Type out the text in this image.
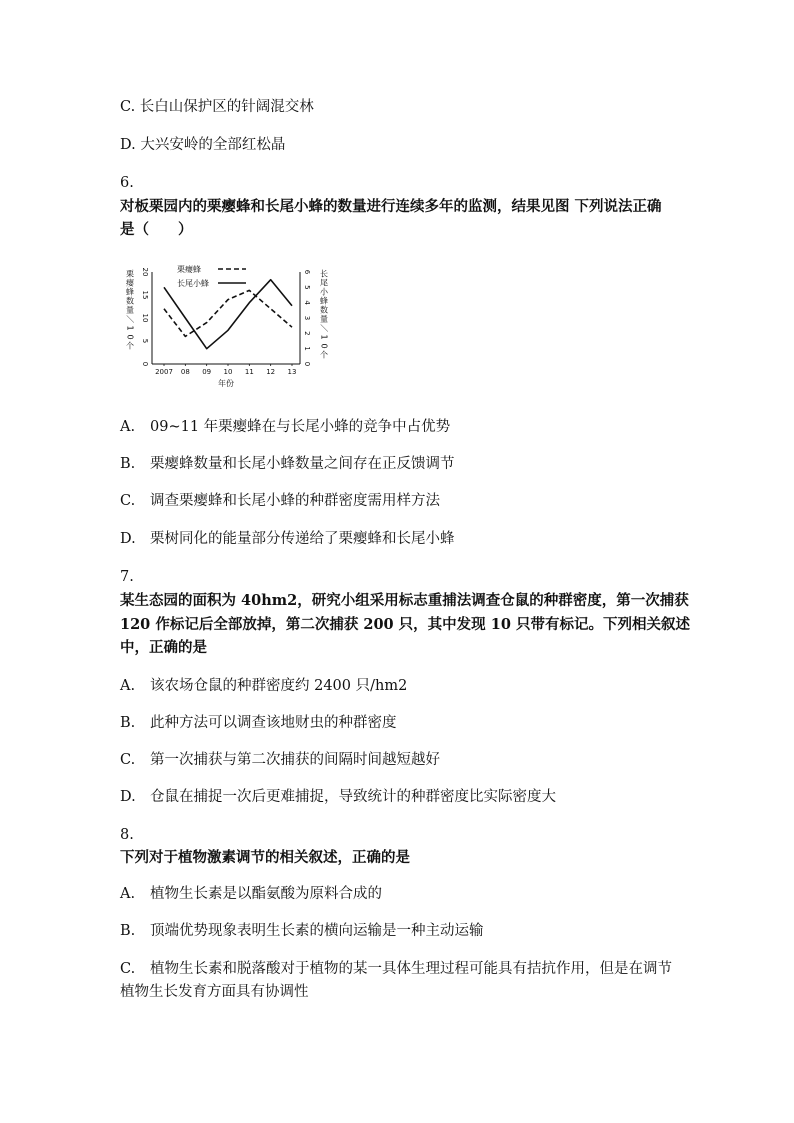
C. 长白山保护区的针阔混交林
D. 大兴安岭的全部红松晶
6.
对板栗园内的栗瘿蜂和长尾小蜂的数量进行连续多年的监测，结果见图 下列说法正确
是（　　）
栗瘿蜂
长尾小蜂
栗
瘿
蜂
数
量
／
1
0
个
长
尾
小
蜂
数
量
／
1
0
个
2007 08 09 10 11 12 13
0
5
10
15
20
0
1
2
3
4
5
6
年份
A. 09~11 年栗瘿蜂在与长尾小蜂的竞争中占优势
B. 栗瘿蜂数量和长尾小蜂数量之间存在正反馈调节
C. 调查栗瘿蜂和长尾小蜂的种群密度需用样方法
D. 栗树同化的能量部分传递给了栗瘿蜂和长尾小蜂
7.
某生态园的面积为 40hm2，研究小组采用标志重捕法调查仓鼠的种群密度，第一次捕获
120 作标记后全部放掉，第二次捕获 200 只，其中发现 10 只带有标记。下列相关叙述
中，正确的是
A. 该农场仓鼠的种群密度约 2400 只/hm2
B. 此种方法可以调查该地财虫的种群密度
C. 第一次捕获与第二次捕获的间隔时间越短越好
D. 仓鼠在捕捉一次后更难捕捉，导致统计的种群密度比实际密度大
8.
下列对于植物激素调节的相关叙述，正确的是
A. 植物生长素是以酯氨酸为原料合成的
B. 顶端优势现象表明生长素的横向运输是一种主动运输
C. 植物生长素和脱落酸对于植物的某一具体生理过程可能具有拮抗作用，但是在调节
植物生长发育方面具有协调性
